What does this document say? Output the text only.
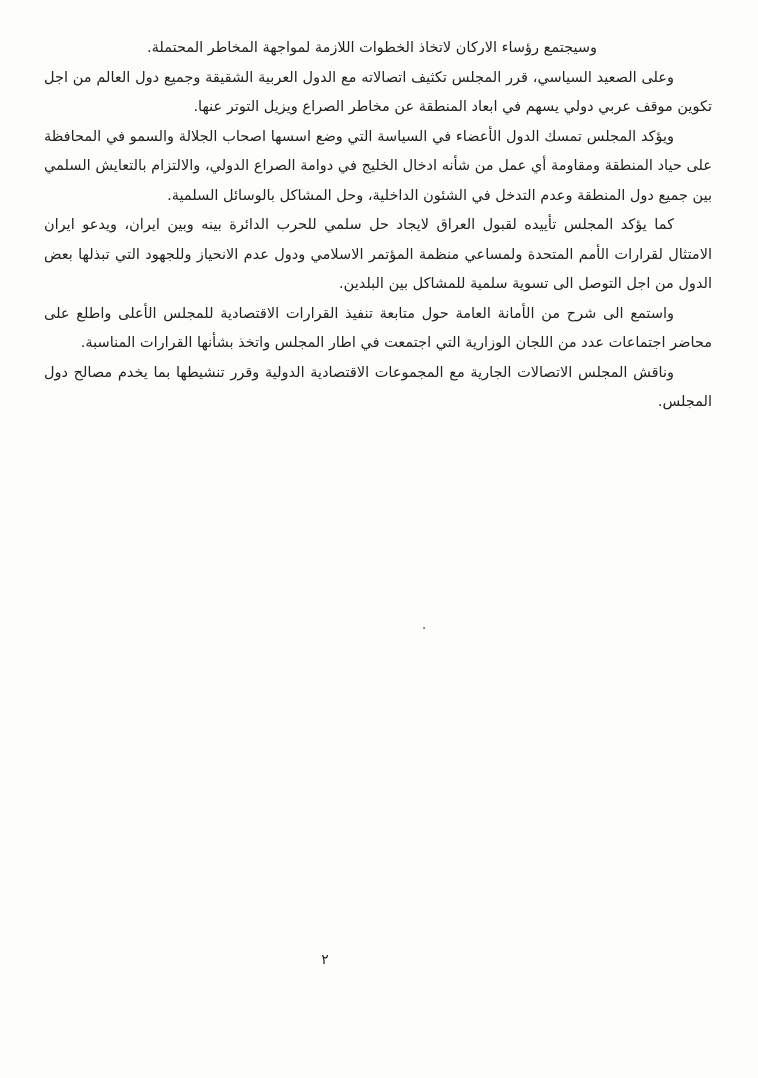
وسيجتمع رؤساء الاركان لاتخاذ الخطوات اللازمة لمواجهة المخاطر المحتملة.

وعلى الصعيد السياسي، قرر المجلس تكثيف اتصالاته مع الدول العربية الشقيقة وجميع دول العالم من اجل تكوين موقف عربي دولي يسهم في ابعاد المنطقة عن مخاطر الصراع ويزيل التوتر عنها.

ويؤكد المجلس تمسك الدول الأعضاء في السياسة التي وضع اسسها اصحاب الجلالة والسمو في المحافظة على حياد المنطقة ومقاومة أي عمل من شأنه ادخال الخليج في دوامة الصراع الدولي، والالتزام بالتعايش السلمي بين جميع دول المنطقة وعدم التدخل في الشئون الداخلية، وحل المشاكل بالوسائل السلمية.

كما يؤكد المجلس تأييده لقبول العراق لايجاد حل سلمي للحرب الدائرة بينه وبين ايران، ويدعو ايران الامتثال لقرارات الأمم المتحدة ولمساعي منظمة المؤتمر الاسلامي ودول عدم الانحياز وللجهود التي تبذلها بعض الدول من اجل التوصل الى تسوية سلمية للمشاكل بين البلدين.

واستمع الى شرح من الأمانة العامة حول متابعة تنفيذ القرارات الاقتصادية للمجلس الأعلى واطلع على محاضر اجتماعات عدد من اللجان الوزارية التي اجتمعت في اطار المجلس واتخذ بشأنها القرارات المناسبة.

وناقش المجلس الاتصالات الجارية مع المجموعات الاقتصادية الدولية وقرر تنشيطها بما يخدم مصالح دول المجلس.

.
٢
